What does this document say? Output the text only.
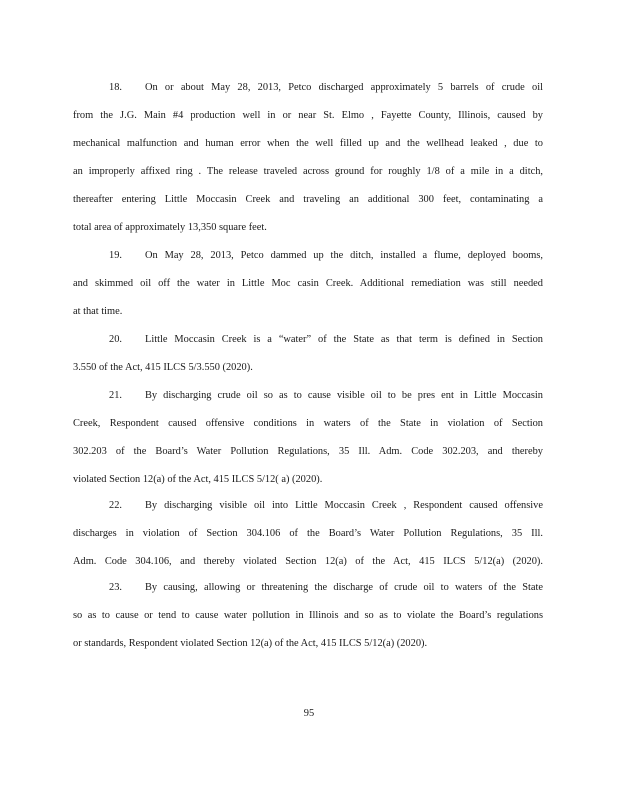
18. On or about May 28, 2013, Petco discharged approximately 5 barrels of crude oil
from the J.G. Main #4 production well in or near St. Elmo , Fayette County, Illinois, caused by
mechanical malfunction and human error when the well filled up and the wellhead leaked , due to
an improperly affixed ring . The release traveled across ground for roughly 1/8 of a mile in a ditch,
thereafter entering Little Moccasin Creek and traveling an additional 300 feet, contaminating a
total area of approximately 13,350 square feet.
19. On May 28, 2013, Petco dammed up the ditch, installed a flume, deployed booms,
and skimmed oil off the water in Little Moc casin Creek. Additional remediation was still needed
at that time.
20. Little Moccasin Creek is a “water” of the State as that term is defined in Section
3.550 of the Act, 415 ILCS 5/3.550 (2020).
21. By discharging crude oil so as to cause visible oil to be pres ent in Little Moccasin
Creek, Respondent caused offensive conditions in waters of the State in violation of Section
302.203 of the Board’s Water Pollution Regulations, 35 Ill. Adm. Code 302.203, and thereby
violated Section 12(a) of the Act, 415 ILCS 5/12( a) (2020).
22. By discharging visible oil into Little Moccasin Creek , Respondent caused offensive
discharges in violation of Section 304.106 of the Board’s Water Pollution Regulations, 35 Ill.
Adm. Code 304.106, and thereby violated Section 12(a) of the Act, 415 ILCS 5/12(a) (2020).
23. By causing, allowing or threatening the discharge of crude oil to waters of the State
so as to cause or tend to cause water pollution in Illinois and so as to violate the Board’s regulations
or standards, Respondent violated Section 12(a) of the Act, 415 ILCS 5/12(a) (2020).
95
